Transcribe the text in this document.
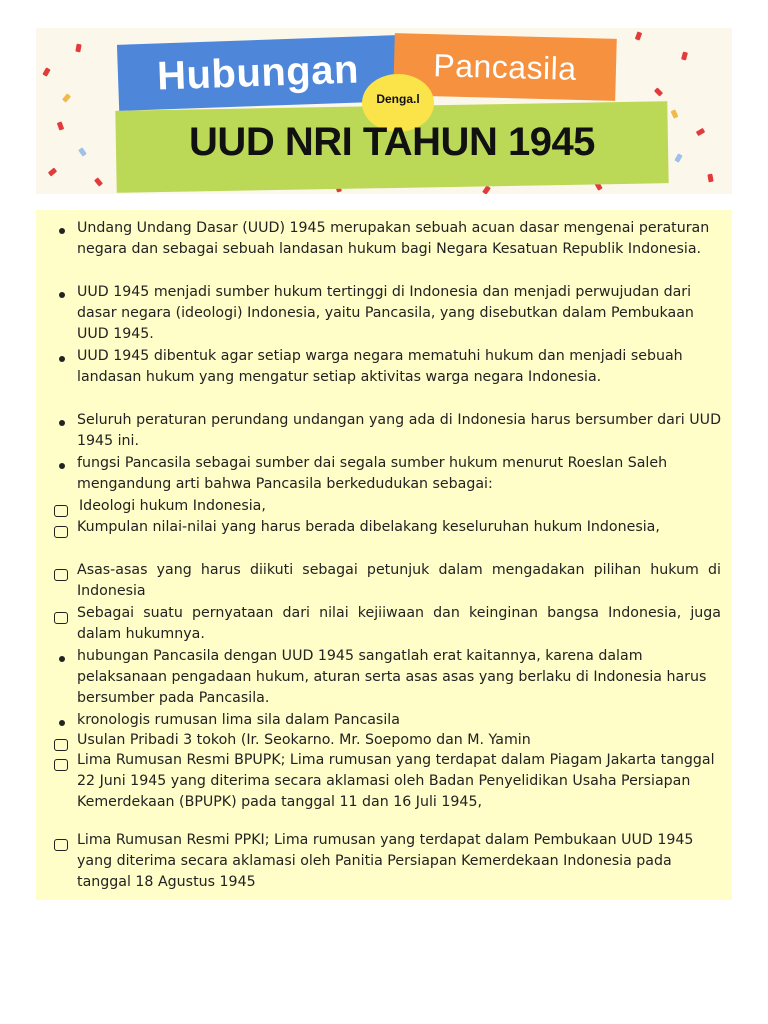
Hubungan	Pancasila
Denga.l
UUD NRI TAHUN 1945
Undang Undang Dasar (UUD) 1945 merupakan sebuah acuan dasar mengenai peraturan negara dan sebagai sebuah landasan hukum bagi Negara Kesatuan Republik Indonesia.
UUD 1945 menjadi sumber hukum tertinggi di Indonesia dan menjadi perwujudan dari dasar negara (ideologi) Indonesia, yaitu Pancasila, yang disebutkan dalam Pembukaan UUD 1945.
UUD 1945 dibentuk agar setiap warga negara mematuhi hukum dan menjadi sebuah landasan hukum yang mengatur setiap aktivitas warga negara Indonesia.
Seluruh peraturan perundang undangan yang ada di Indonesia harus bersumber dari UUD 1945 ini.
fungsi Pancasila sebagai sumber dai segala sumber hukum menurut Roeslan Saleh mengandung arti bahwa Pancasila berkedudukan sebagai:
Ideologi hukum Indonesia,
Kumpulan nilai-nilai yang harus berada dibelakang keseluruhan hukum Indonesia,
Asas-asas yang harus diikuti sebagai petunjuk dalam mengadakan pilihan hukum di Indonesia
Sebagai suatu pernyataan dari nilai kejiiwaan dan keinginan bangsa Indonesia, juga dalam hukumnya.
hubungan Pancasila dengan UUD 1945 sangatlah erat kaitannya, karena dalam pelaksanaan pengadaan hukum, aturan serta asas asas yang berlaku di Indonesia harus bersumber pada Pancasila.
kronologis rumusan lima sila dalam Pancasila
Usulan Pribadi 3 tokoh (Ir. Seokarno. Mr. Soepomo dan M. Yamin
Lima Rumusan Resmi BPUPK; Lima rumusan yang terdapat dalam Piagam Jakarta tanggal 22 Juni 1945 yang diterima secara aklamasi oleh Badan Penyelidikan Usaha Persiapan Kemerdekaan (BPUPK) pada tanggal 11 dan 16 Juli 1945,
Lima Rumusan Resmi PPKI; Lima rumusan yang terdapat dalam Pembukaan UUD 1945 yang diterima secara aklamasi oleh Panitia Persiapan Kemerdekaan Indonesia pada tanggal 18 Agustus 1945
